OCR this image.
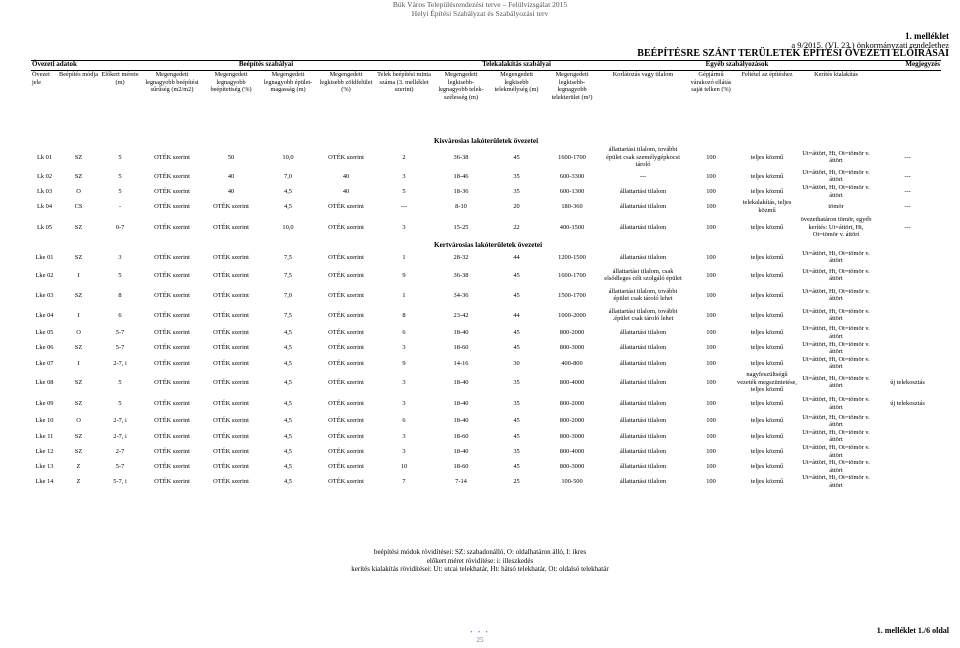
Bük Város Településrendezési terve – Felülvizsgálat 2015
Helyi Építési Szabályzat és Szabályozási terv
1. melléklet
a 9/2015. (VI. 23.) önkormányzati rendelethez
BEÉPÍTÉSRE SZÁNT TERÜLETEK ÉPÍTÉSI ÖVEZETI ELŐÍRÁSAI
Övezeti adatok		Beépítés szabályai						Telekalakítás szabályai			Egyéb szabályozások				Megjegyzés
Övezet jele	Beépítés módja	Előkert mérete (m)	Megengedett legnagyobb beépítési sűrűség (m2/m2)	Megengedett legnagyobb beépítettség (%)	Megengedett legnagyobb épület-magasság (m)	Megengedett legkisebb zöldfelület (%)	Telek beépítési minta száma (3. melléklet szerint)	Megengedett legkisebb-legnagyobb telek-szélesség (m)	Megengedett legkisebb telekmélység (m)	Megengedett legkisebb-legnagyobb telekterület (m²)	Korlátozás vagy tilalom	Gépjármű várakozó ellátás saját telken (%)	Feltétel az építéshez	Kerítés kialakítás	
								Kisvárosias lakóterületek övezetei							
Lk 01	SZ	5	OTÉK szerint	50	10,0	OTÉK szerint	2	36-38	45	1600-1700	állattartási tilalom, további épület csak személygépkocsi tároló	100	teljes közmű	Ut=áttört, Ht, Ot=tömör v. áttört	---
Lk 02	SZ	5	OTÉK szerint	40	7,0	40	3	18-46	35	600-3300	---	100	teljes közmű	Ut=áttört, Ht, Ot=tömör v. áttört	---
Lk 03	O	5	OTÉK szerint	40	4,5	40	5	18-36	35	600-1300	állattartási tilalom	100	teljes közmű	Ut=áttört, Ht, Ot=tömör v. áttört	---
Lk 04	CS	-	OTÉK szerint	OTÉK szerint	4,5	OTÉK szerint	---	8-10	20	180-360	állattartási tilalom	100	telekalakítás, teljes közmű	tömör	---
Lk 05	SZ	0-7	OTÉK szerint	OTÉK szerint	10,0	OTÉK szerint	3	15-25	22	400-1500	állattartási tilalom	100	teljes közmű	övezethatáron tömör, egyéb kerítés: Ut=áttört, Ht, Ot=tömör v. áttört	---
								Kertvárosias lakóterületek övezetei							
Lke 01	SZ	3	OTÉK szerint	OTÉK szerint	7,5	OTÉK szerint	1	28-32	44	1200-1500	állattartási tilalom	100	teljes közmű	Ut=áttört, Ht, Ot=tömör v. áttört	
Lke 02	I	5	OTÉK szerint	OTÉK szerint	7,5	OTÉK szerint	9	36-38	45	1600-1700	állattartási tilalom, csak elsődleges célt szolgáló épület	100	teljes közmű	Ut=áttört, Ht, Ot=tömör v. áttört	
Lke 03	SZ	8	OTÉK szerint	OTÉK szerint	7,0	OTÉK szerint	1	34-36	45	1500-1700	állattartási tilalom, további épület csak tároló lehet	100	teljes közmű	Ut=áttört, Ht, Ot=tömör v. áttört	
Lke 04	I	6	OTÉK szerint	OTÉK szerint	7,5	OTÉK szerint	8	23-42	44	1000-2000	állattartási tilalom, további .épület csak tároló lehet	100	teljes közmű	Ut=áttört, Ht, Ot=tömör v. áttört	
Lke 05	O	5-7	OTÉK szerint	OTÉK szerint	4,5	OTÉK szerint	6	18-40	45	800-2000	állattartási tilalom	100	teljes közmű	Ut=áttört, Ht, Ot=tömör v. áttört	
Lke 06	SZ	5-7	OTÉK szerint	OTÉK szerint	4,5	OTÉK szerint	3	18-60	45	800-3000	állattartási tilalom	100	teljes közmű	Ut=áttört, Ht, Ot=tömör v. áttört	
Lke 07	I	2-7, i	OTÉK szerint	OTÉK szerint	4,5	OTÉK szerint	9	14-16	30	400-800	állattartási tilalom	100	teljes közmű	Ut=áttört, Ht, Ot=tömör v. áttört	
Lke 08	SZ	5	OTÉK szerint	OTÉK szerint	4,5	OTÉK szerint	3	18-40	35	800-4000	állattartási tilalom	100	nagyfeszültségű vezeték megszüntetése, teljes közmű	Ut=áttört, Ht, Ot=tömör v. áttört	új telekosztás
Lke 09	SZ	5	OTÉK szerint	OTÉK szerint	4,5	OTÉK szerint	3	18-40	35	800-2000	állattartási tilalom	100	teljes közmű	Ut=áttört, Ht, Ot=tömör v. áttört	új telekosztás
Lke 10	O	2-7, i	OTÉK szerint	OTÉK szerint	4,5	OTÉK szerint	6	18-40	45	800-2000	állattartási tilalom	100	teljes közmű	Ut=áttört, Ht, Ot=tömör v. áttört	
Lke 11	SZ	2-7, i	OTÉK szerint	OTÉK szerint	4,5	OTÉK szerint	3	18-60	45	800-3000	állattartási tilalom	100	teljes közmű	Ut=áttört, Ht, Ot=tömör v. áttört	
Lke 12	SZ	2-7	OTÉK szerint	OTÉK szerint	4,5	OTÉK szerint	3	18-40	35	800-4000	állattartási tilalom	100	teljes közmű	Ut=áttört, Ht, Ot=tömör v. áttört	
Lke 13	Z	5-7	OTÉK szerint	OTÉK szerint	4,5	OTÉK szerint	10	18-60	45	800-3000	állattartási tilalom	100	teljes közmű	Ut=áttört, Ht, Ot=tömör v. áttört	
Lke 14	Z	5-7, i	OTÉK szerint	OTÉK szerint	4,5	OTÉK szerint	7	7-14	25	100-500	állattartási tilalom	100	teljes közmű	Ut=áttört, Ht, Ot=tömör v. áttört	
beépítési módok rövidítései: SZ: szabadonálló, O: oldalhatáron álló, I: ikres
előkert méret rövidítése: i: illeszkedés
kerítés kialakítás rövidítései: Ut: utcai telekhatár, Ht: hátsó telekhatár, Ot: oldalsó telekhatár
1. melléklet 1./6 oldal
• • •
25
